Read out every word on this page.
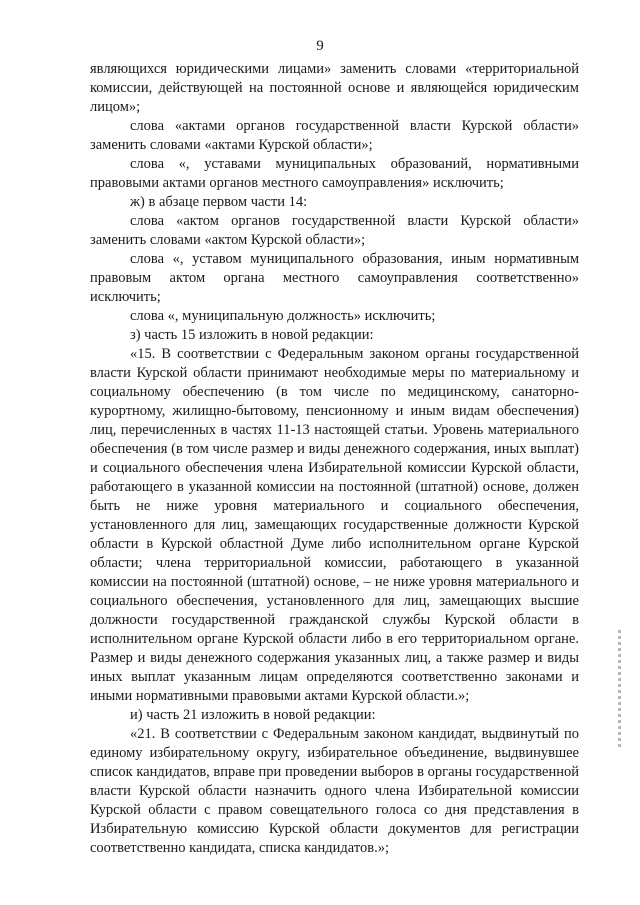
9

являющихся юридическими лицами» заменить словами «территориальной комиссии, действующей на постоянной основе и являющейся юридическим лицом»;

слова «актами органов государственной власти Курской области» заменить словами «актами Курской области»;

слова «, уставами муниципальных образований, нормативными правовыми актами органов местного самоуправления» исключить;

ж) в абзаце первом части 14:

слова «актом органов государственной власти Курской области» заменить словами «актом Курской области»;

слова «, уставом муниципального образования, иным нормативным правовым актом органа местного самоуправления соответственно» исключить;

слова «, муниципальную должность» исключить;

з) часть 15 изложить в новой редакции:

«15. В соответствии с Федеральным законом органы государственной власти Курской области принимают необходимые меры по материальному и социальному обеспечению (в том числе по медицинскому, санаторно-курортному, жилищно-бытовому, пенсионному и иным видам обеспечения) лиц, перечисленных в частях 11-13 настоящей статьи. Уровень материального обеспечения (в том числе размер и виды денежного содержания, иных выплат) и социального обеспечения члена Избирательной комиссии Курской области, работающего в указанной комиссии на постоянной (штатной) основе, должен быть не ниже уровня материального и социального обеспечения, установленного для лиц, замещающих государственные должности Курской области в Курской областной Думе либо исполнительном органе Курской области; члена территориальной комиссии, работающего в указанной комиссии на постоянной (штатной) основе, – не ниже уровня материального и социального обеспечения, установленного для лиц, замещающих высшие должности государственной гражданской службы Курской области в исполнительном органе Курской области либо в его территориальном органе. Размер и виды денежного содержания указанных лиц, а также размер и виды иных выплат указанным лицам определяются соответственно законами и иными нормативными правовыми актами Курской области.»;

и) часть 21 изложить в новой редакции:

«21. В соответствии с Федеральным законом кандидат, выдвинутый по единому избирательному округу, избирательное объединение, выдвинувшее список кандидатов, вправе при проведении выборов в органы государственной власти Курской области назначить одного члена Избирательной комиссии Курской области с правом совещательного голоса со дня представления в Избирательную комиссию Курской области документов для регистрации соответственно кандидата, списка кандидатов.»;
